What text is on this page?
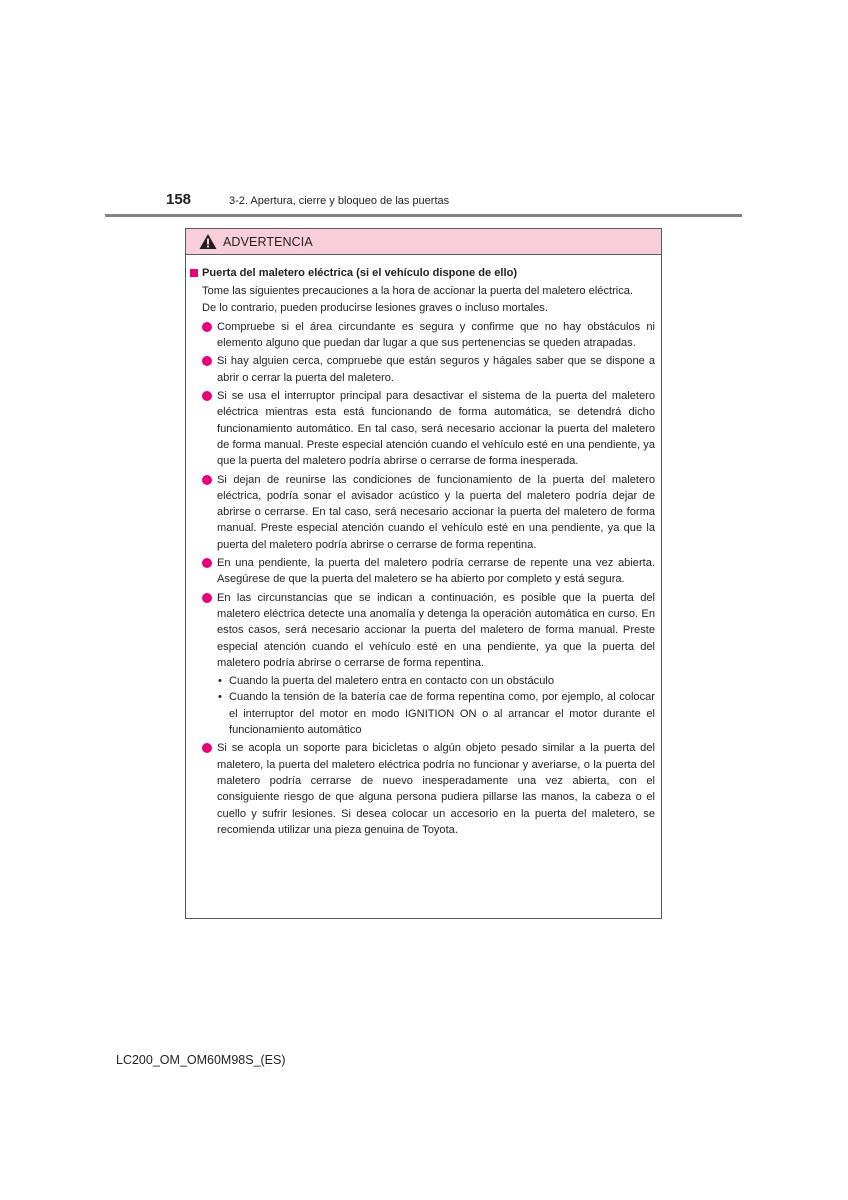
158	3-2. Apertura, cierre y bloqueo de las puertas
ADVERTENCIA
Puerta del maletero eléctrica (si el vehículo dispone de ello)

Tome las siguientes precauciones a la hora de accionar la puerta del maletero eléctrica.

De lo contrario, pueden producirse lesiones graves o incluso mortales.

Compruebe si el área circundante es segura y confirme que no hay obstáculos ni elemento alguno que puedan dar lugar a que sus pertenencias se queden atrapadas.
Si hay alguien cerca, compruebe que están seguros y hágales saber que se dispone a abrir o cerrar la puerta del maletero.
Si se usa el interruptor principal para desactivar el sistema de la puerta del maletero eléctrica mientras esta está funcionando de forma automática, se detendrá dicho funcionamiento automático. En tal caso, será necesario accionar la puerta del maletero de forma manual. Preste especial atención cuando el vehículo esté en una pendiente, ya que la puerta del maletero podría abrirse o cerrarse de forma inesperada.
Si dejan de reunirse las condiciones de funcionamiento de la puerta del maletero eléctrica, podría sonar el avisador acústico y la puerta del maletero podría dejar de abrirse o cerrarse. En tal caso, será necesario accionar la puerta del maletero de forma manual. Preste especial atención cuando el vehículo esté en una pendiente, ya que la puerta del maletero podría abrirse o cerrarse de forma repentina.
En una pendiente, la puerta del maletero podría cerrarse de repente una vez abierta. Asegúrese de que la puerta del maletero se ha abierto por completo y está segura.
En las circunstancias que se indican a continuación, es posible que la puerta del maletero eléctrica detecte una anomalía y detenga la operación automática en curso. En estos casos, será necesario accionar la puerta del maletero de forma manual. Preste especial atención cuando el vehículo esté en una pendiente, ya que la puerta del maletero podría abrirse o cerrarse de forma repentina.
• Cuando la puerta del maletero entra en contacto con un obstáculo
• Cuando la tensión de la batería cae de forma repentina como, por ejemplo, al colocar el interruptor del motor en modo IGNITION ON o al arrancar el motor durante el funcionamiento automático
Si se acopla un soporte para bicicletas o algún objeto pesado similar a la puerta del maletero, la puerta del maletero eléctrica podría no funcionar y averiarse, o la puerta del maletero podría cerrarse de nuevo inesperadamente una vez abierta, con el consiguiente riesgo de que alguna persona pudiera pillarse las manos, la cabeza o el cuello y sufrir lesiones. Si desea colocar un accesorio en la puerta del maletero, se recomienda utilizar una pieza genuina de Toyota.
LC200_OM_OM60M98S_(ES)
